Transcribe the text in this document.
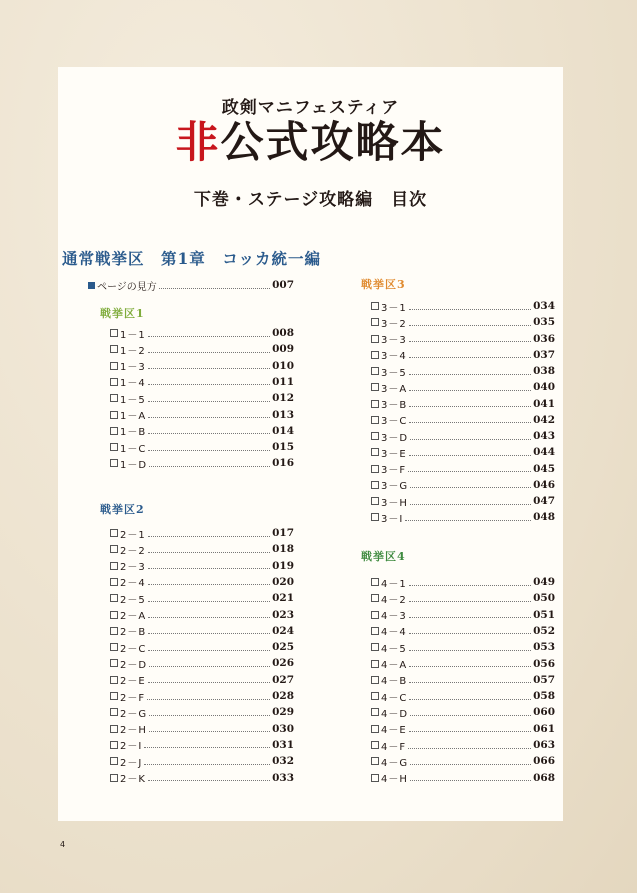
政剣マニフェスティア
非公式攻略本
下巻・ステージ攻略編　目次
通常戦挙区　第1章　コッカ統一編
ページの見方	007
戦挙区1
1－1	008
1－2	009
1－3	010
1－4	011
1－5	012
1－A	013
1－B	014
1－C	015
1－D	016
戦挙区2
2－1	017
2－2	018
2－3	019
2－4	020
2－5	021
2－A	023
2－B	024
2－C	025
2－D	026
2－E	027
2－F	028
2－G	029
2－H	030
2－I	031
2－J	032
2－K	033
戦挙区3
3－1	034
3－2	035
3－3	036
3－4	037
3－5	038
3－A	040
3－B	041
3－C	042
3－D	043
3－E	044
3－F	045
3－G	046
3－H	047
3－I	048
戦挙区4
4－1	049
4－2	050
4－3	051
4－4	052
4－5	053
4－A	056
4－B	057
4－C	058
4－D	060
4－E	061
4－F	063
4－G	066
4－H	068
4
